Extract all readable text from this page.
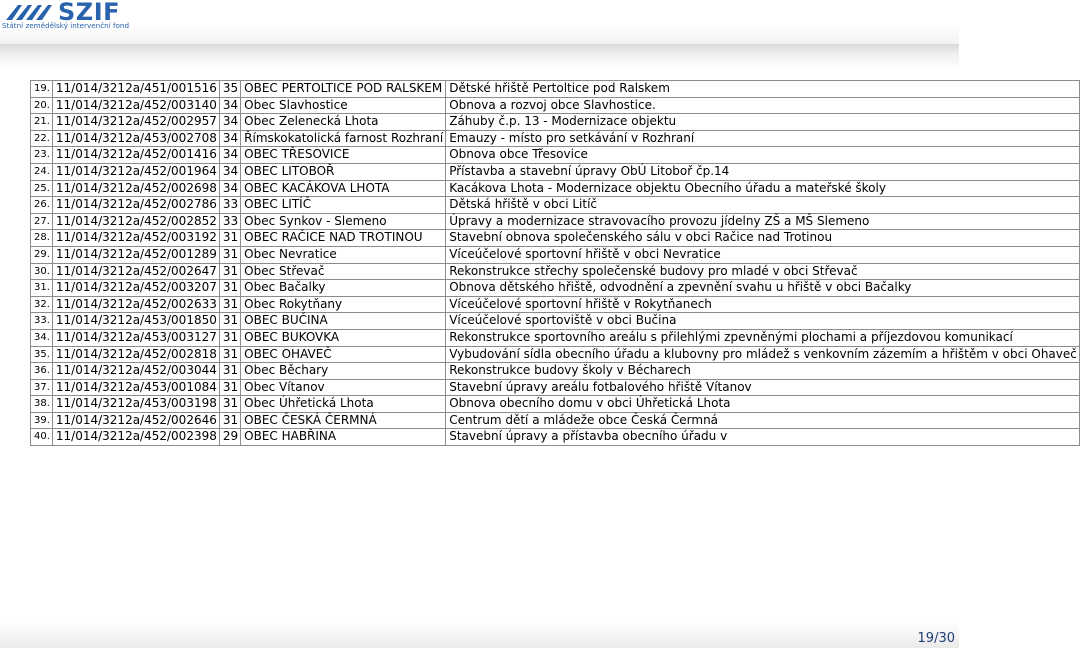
SZIF
Státní zemědělský intervenční fond
19.	11/014/3212a/451/001516	35	OBEC PERTOLTICE POD RALSKEM	Dětské hřiště Pertoltice pod Ralskem
20.	11/014/3212a/452/003140	34	Obec Slavhostice	Obnova a rozvoj obce Slavhostice.
21.	11/014/3212a/452/002957	34	Obec Zelenecká Lhota	Záhuby č.p. 13 - Modernizace objektu
22.	11/014/3212a/453/002708	34	Římskokatolická farnost Rozhraní	Emauzy - místo pro setkávání v Rozhraní
23.	11/014/3212a/452/001416	34	OBEC TŘESOVICE	Obnova obce Třesovice
24.	11/014/3212a/452/001964	34	OBEC LITOBOŘ	Přístavba a stavební úpravy ObÚ Litoboř čp.14
25.	11/014/3212a/452/002698	34	OBEC KACÁKOVA LHOTA	Kacákova Lhota - Modernizace objektu Obecního úřadu a mateřské školy
26.	11/014/3212a/452/002786	33	OBEC LITÍČ	Dětská hřiště v obci Litíč
27.	11/014/3212a/452/002852	33	Obec Synkov - Slemeno	Úpravy a modernizace stravovacího provozu jídelny ZŠ a MŠ Slemeno
28.	11/014/3212a/452/003192	31	OBEC RAČICE NAD TROTINOU	Stavební obnova společenského sálu v obci Račice nad Trotinou
29.	11/014/3212a/452/001289	31	Obec Nevratice	Víceúčelové sportovní hřiště v obci Nevratice
30.	11/014/3212a/452/002647	31	Obec Střevač	Rekonstrukce střechy společenské budovy pro mladé v obci Střevač
31.	11/014/3212a/452/003207	31	Obec Bačalky	Obnova dětského hřiště, odvodnění a zpevnění svahu u hřiště v obci Bačalky
32.	11/014/3212a/452/002633	31	Obec Rokytňany	Víceúčelové sportovní hřiště v Rokytňanech
33.	11/014/3212a/453/001850	31	OBEC BUČINA	Víceúčelové sportoviště v obci Bučina
34.	11/014/3212a/453/003127	31	OBEC BUKOVKA	Rekonstrukce sportovního areálu s přilehlými zpevněnými plochami a příjezdovou komunikací
35.	11/014/3212a/452/002818	31	OBEC OHAVEČ	Vybudování sídla obecního úřadu a klubovny pro mládež s venkovním zázemím a hřištěm v obci Ohaveč
36.	11/014/3212a/452/003044	31	Obec Běchary	Rekonstrukce budovy školy v Bécharech
37.	11/014/3212a/453/001084	31	Obec Vítanov	Stavební úpravy areálu fotbalového hřiště Vítanov
38.	11/014/3212a/453/003198	31	Obec Úhřetická Lhota	Obnova obecního domu v obci Úhřetická Lhota
39.	11/014/3212a/452/002646	31	OBEC ČESKÁ ČERMNÁ	Centrum dětí a mládeže obce Česká Čermná
40.	11/014/3212a/452/002398	29	OBEC HABŘINA	Stavební úpravy a přístavba obecního úřadu v
19/30
